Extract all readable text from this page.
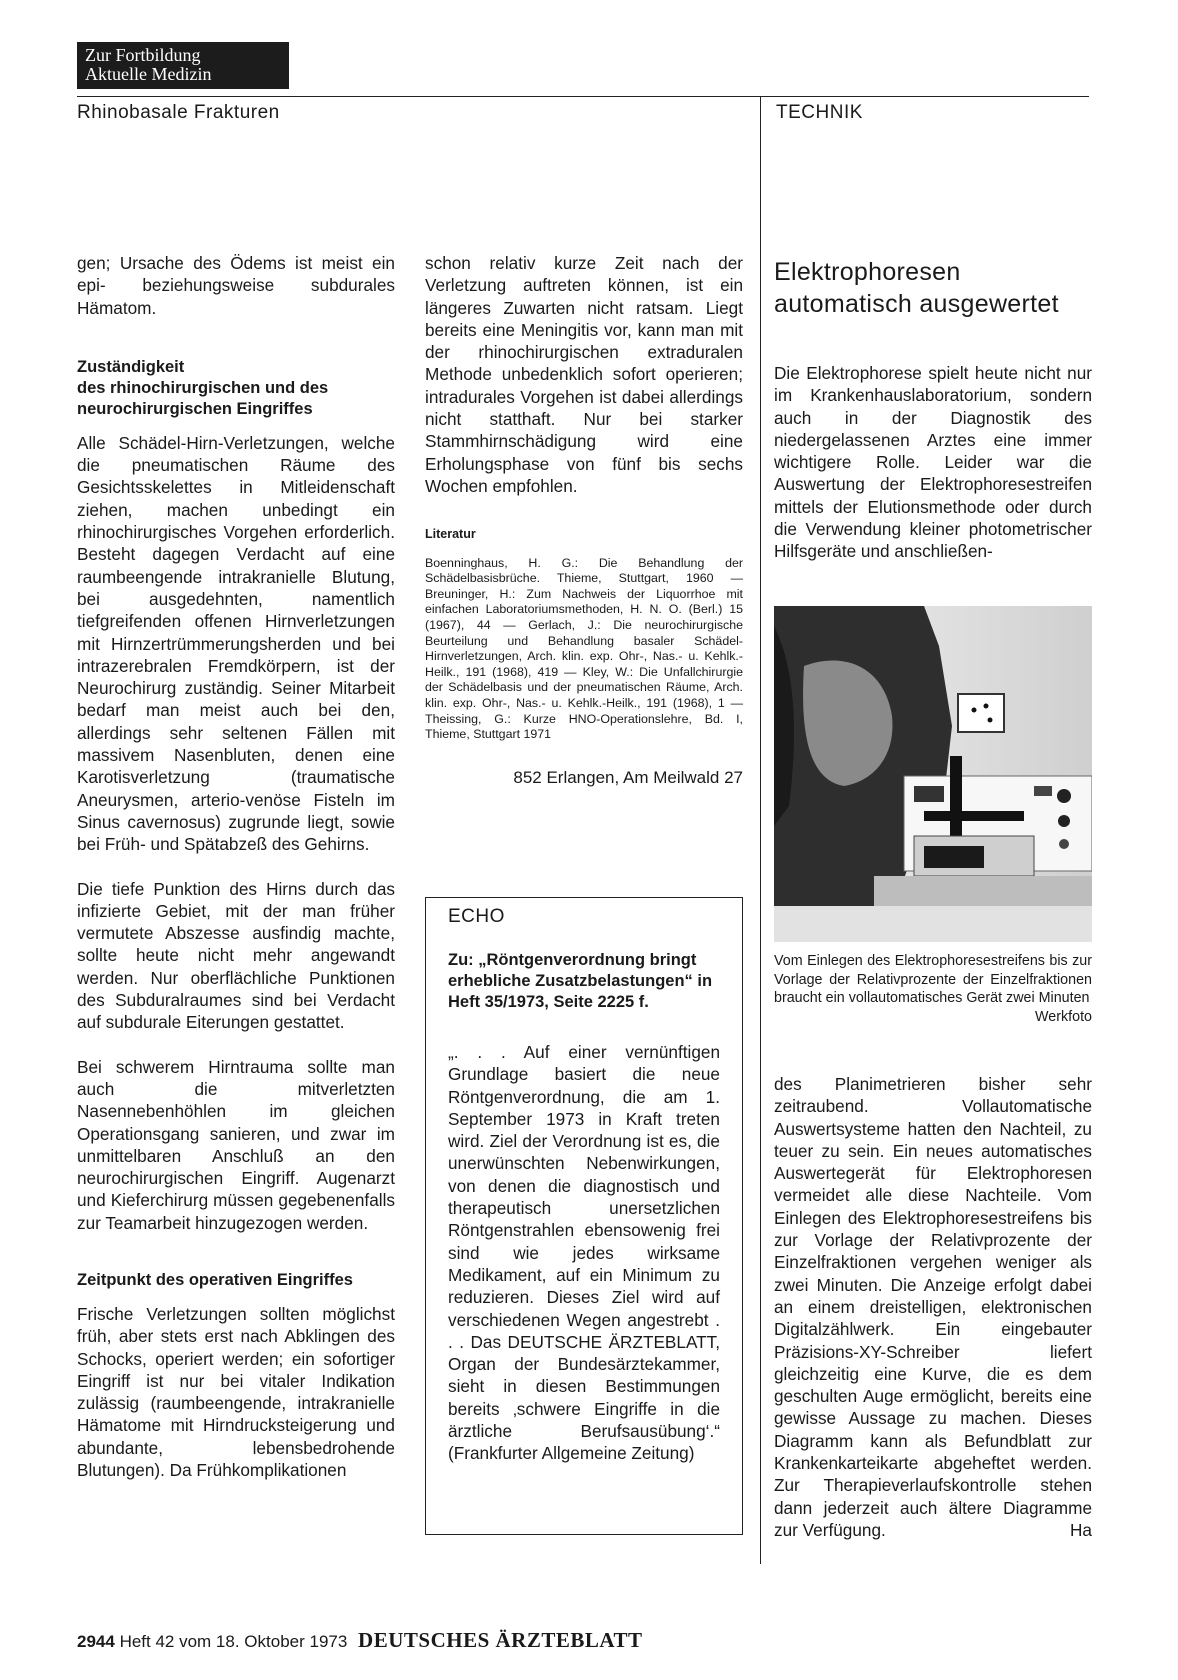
Zur Fortbildung
Aktuelle Medizin
Rhinobasale Frakturen	TECHNIK

gen; Ursache des Ödems ist meist ein epi- beziehungsweise subdurales Hämatom.

Zuständigkeit
des rhinochirurgischen und des neurochirurgischen Eingriffes

Alle Schädel-Hirn-Verletzungen, welche die pneumatischen Räume des Gesichtsskelettes in Mitleidenschaft ziehen, machen unbedingt ein rhinochirurgisches Vorgehen erforderlich. Besteht dagegen Verdacht auf eine raumbeengende intrakranielle Blutung, bei ausgedehnten, namentlich tiefgreifenden offenen Hirnverletzungen mit Hirnzertrümmerungsherden und bei intrazerebralen Fremdkörpern, ist der Neurochirurg zuständig. Seiner Mitarbeit bedarf man meist auch bei den, allerdings sehr seltenen Fällen mit massivem Nasenbluten, denen eine Karotisverletzung (traumatische Aneurysmen, arterio-venöse Fisteln im Sinus cavernosus) zugrunde liegt, sowie bei Früh- und Spätabzeß des Gehirns.

Die tiefe Punktion des Hirns durch das infizierte Gebiet, mit der man früher vermutete Abszesse ausfindig machte, sollte heute nicht mehr angewandt werden. Nur oberflächliche Punktionen des Subduralraumes sind bei Verdacht auf subdurale Eiterungen gestattet.

Bei schwerem Hirntrauma sollte man auch die mitverletzten Nasennebenhöhlen im gleichen Operationsgang sanieren, und zwar im unmittelbaren Anschluß an den neurochirurgischen Eingriff. Augenarzt und Kieferchirurg müssen gegebenenfalls zur Teamarbeit hinzugezogen werden.

Zeitpunkt des operativen Eingriffes

Frische Verletzungen sollten möglichst früh, aber stets erst nach Abklingen des Schocks, operiert werden; ein sofortiger Eingriff ist nur bei vitaler Indikation zulässig (raumbeengende, intrakranielle Hämatome mit Hirndrucksteigerung und abundante, lebensbedrohende Blutungen). Da Frühkomplikationen

schon relativ kurze Zeit nach der Verletzung auftreten können, ist ein längeres Zuwarten nicht ratsam. Liegt bereits eine Meningitis vor, kann man mit der rhinochirurgischen extraduralen Methode unbedenklich sofort operieren; intradurales Vorgehen ist dabei allerdings nicht statthaft. Nur bei starker Stammhirnschädigung wird eine Erholungsphase von fünf bis sechs Wochen empfohlen.

Literatur
Boenninghaus, H. G.: Die Behandlung der Schädelbasisbrüche. Thieme, Stuttgart, 1960 — Breuninger, H.: Zum Nachweis der Liquorrhoe mit einfachen Laboratoriumsmethoden, H. N. O. (Berl.) 15 (1967), 44 — Gerlach, J.: Die neurochirurgische Beurteilung und Behandlung basaler Schädel-Hirnverletzungen, Arch. klin. exp. Ohr-, Nas.- u. Kehlk.-Heilk., 191 (1968), 419 — Kley, W.: Die Unfallchirurgie der Schädelbasis und der pneumatischen Räume, Arch. klin. exp. Ohr-, Nas.- u. Kehlk.-Heilk., 191 (1968), 1 — Theissing, G.: Kurze HNO-Operationslehre, Bd. I, Thieme, Stuttgart 1971
852 Erlangen, Am Meilwald 27
ECHO
Zu: „Röntgenverordnung bringt erhebliche Zusatzbelastungen“ in Heft 35/1973, Seite 2225 f.
„. . . Auf einer vernünftigen Grundlage basiert die neue Röntgenverordnung, die am 1. September 1973 in Kraft treten wird. Ziel der Verordnung ist es, die unerwünschten Nebenwirkungen, von denen die diagnostisch und therapeutisch unersetzlichen Röntgenstrahlen ebensowenig frei sind wie jedes wirksame Medikament, auf ein Minimum zu reduzieren. Dieses Ziel wird auf verschiedenen Wegen angestrebt . . . Das DEUTSCHE ÄRZTEBLATT, Organ der Bundesärztekammer, sieht in diesen Bestimmungen bereits ‚schwere Eingriffe in die ärztliche Berufsausübung‘.“ (Frankfurter Allgemeine Zeitung)
Elektrophoresen
automatisch ausgewertet

Die Elektrophorese spielt heute nicht nur im Krankenhauslaboratorium, sondern auch in der Diagnostik des niedergelassenen Arztes eine immer wichtigere Rolle. Leider war die Auswertung der Elektrophoresestreifen mittels der Elutionsmethode oder durch die Verwendung kleiner photometrischer Hilfsgeräte und anschließen-

Vom Einlegen des Elektrophoresestreifens bis zur Vorlage der Relativprozente der Einzelfraktionen braucht ein vollautomatisches Gerät zwei Minuten
Werkfoto

des Planimetrieren bisher sehr zeitraubend. Vollautomatische Auswertsysteme hatten den Nachteil, zu teuer zu sein. Ein neues automatisches Auswertegerät für Elektrophoresen vermeidet alle diese Nachteile. Vom Einlegen des Elektrophoresestreifens bis zur Vorlage der Relativprozente der Einzelfraktionen vergehen weniger als zwei Minuten. Die Anzeige erfolgt dabei an einem dreistelligen, elektronischen Digitalzählwerk. Ein eingebauter Präzisions-XY-Schreiber liefert gleichzeitig eine Kurve, die es dem geschulten Auge ermöglicht, bereits eine gewisse Aussage zu machen. Dieses Diagramm kann als Befundblatt zur Krankenkarteikarte abgeheftet werden. Zur Therapieverlaufskontrolle stehen dann jederzeit auch ältere Diagramme zur Verfügung.	Ha

2944 Heft 42 vom 18. Oktober 1973 DEUTSCHES ÄRZTEBLATT
